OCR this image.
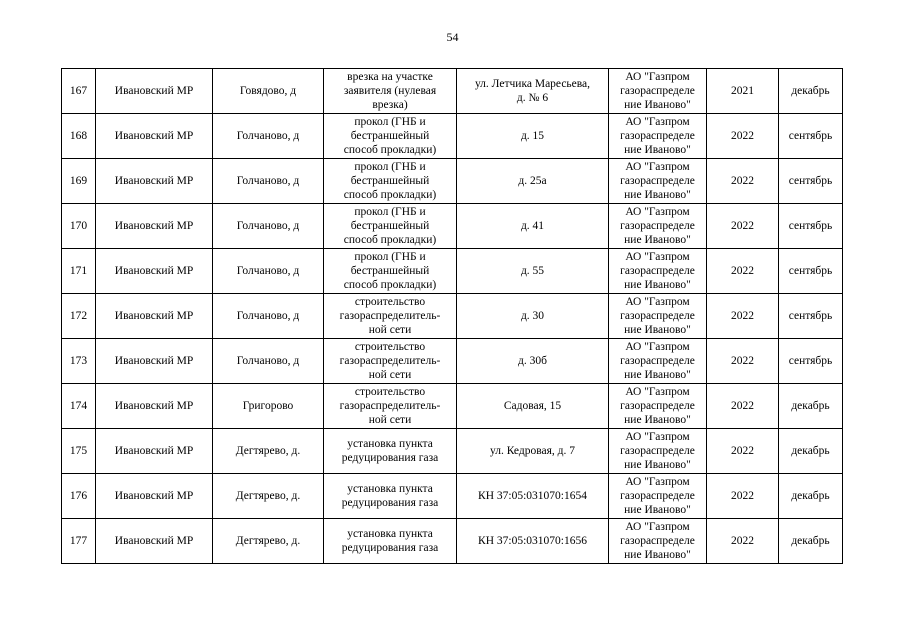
54
167	Ивановский МР	Говядово, д	врезка на участке
заявителя (нулевая
врезка)	ул. Летчика Маресьева,
д. № 6	АО "Газпром
газораспределе
ние Иваново"	2021	декабрь
168	Ивановский МР	Голчаново, д	прокол (ГНБ и
бестраншейный
способ прокладки)	д. 15	АО "Газпром
газораспределе
ние Иваново"	2022	сентябрь
169	Ивановский МР	Голчаново, д	прокол (ГНБ и
бестраншейный
способ прокладки)	д. 25а	АО "Газпром
газораспределе
ние Иваново"	2022	сентябрь
170	Ивановский МР	Голчаново, д	прокол (ГНБ и
бестраншейный
способ прокладки)	д. 41	АО "Газпром
газораспределе
ние Иваново"	2022	сентябрь
171	Ивановский МР	Голчаново, д	прокол (ГНБ и
бестраншейный
способ прокладки)	д. 55	АО "Газпром
газораспределе
ние Иваново"	2022	сентябрь
172	Ивановский МР	Голчаново, д	строительство
газораспределитель-
ной сети	д. 30	АО "Газпром
газораспределе
ние Иваново"	2022	сентябрь
173	Ивановский МР	Голчаново, д	строительство
газораспределитель-
ной сети	д. 30б	АО "Газпром
газораспределе
ние Иваново"	2022	сентябрь
174	Ивановский МР	Григорово	строительство
газораспределитель-
ной сети	Садовая, 15	АО "Газпром
газораспределе
ние Иваново"	2022	декабрь
175	Ивановский МР	Дегтярево, д.	установка пункта
редуцирования газа	ул. Кедровая, д. 7	АО "Газпром
газораспределе
ние Иваново"	2022	декабрь
176	Ивановский МР	Дегтярево, д.	установка пункта
редуцирования газа	КН 37:05:031070:1654	АО "Газпром
газораспределе
ние Иваново"	2022	декабрь
177	Ивановский МР	Дегтярево, д.	установка пункта
редуцирования газа	КН 37:05:031070:1656	АО "Газпром
газораспределе
ние Иваново"	2022	декабрь
